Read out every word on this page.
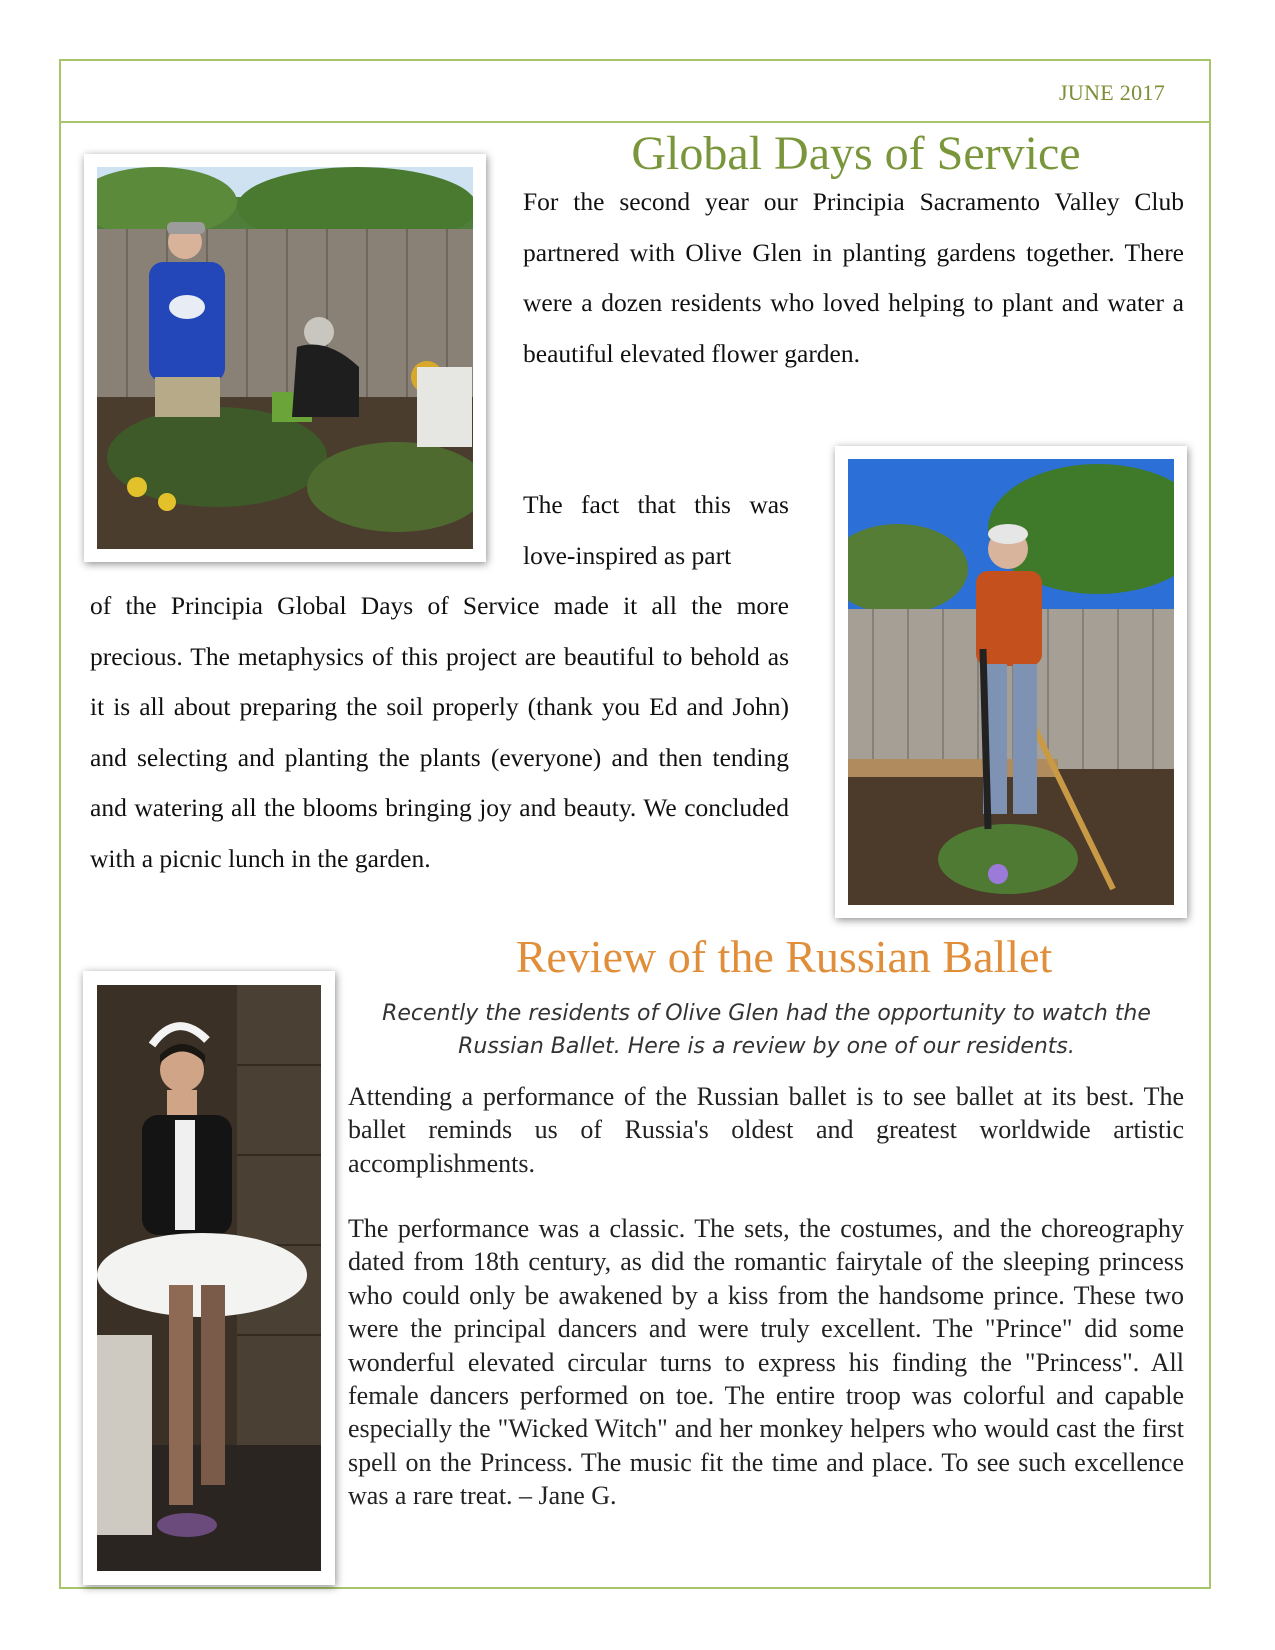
JUNE 2017
Global Days of Service

For the second year our Principia Sacramento Valley Club partnered with Olive Glen in planting gardens together. There were a dozen residents who loved helping to plant and water a beautiful elevated flower garden.

The fact that this was love-inspired as part

of the Principia Global Days of Service made it all the more precious. The metaphysics of this project are beautiful to behold as it is all about preparing the soil properly (thank you Ed and John) and selecting and planting the plants (everyone) and then tending and watering all the blooms bringing joy and beauty. We concluded with a picnic lunch in the garden.

Review of the Russian Ballet

Recently the residents of Olive Glen had the opportunity to watch the Russian Ballet. Here is a review by one of our residents.

Attending a performance of the Russian ballet is to see ballet at its best. The ballet reminds us of Russia's oldest and greatest worldwide artistic accomplishments.

The performance was a classic. The sets, the costumes, and the choreography dated from 18th century, as did the romantic fairytale of the sleeping princess who could only be awakened by a kiss from the handsome prince. These two were the principal dancers and were truly excellent. The "Prince" did some wonderful elevated circular turns to express his finding the "Princess". All female dancers performed on toe. The entire troop was colorful and capable especially the "Wicked Witch" and her monkey helpers who would cast the first spell on the Princess. The music fit the time and place. To see such excellence was a rare treat. – Jane G.
